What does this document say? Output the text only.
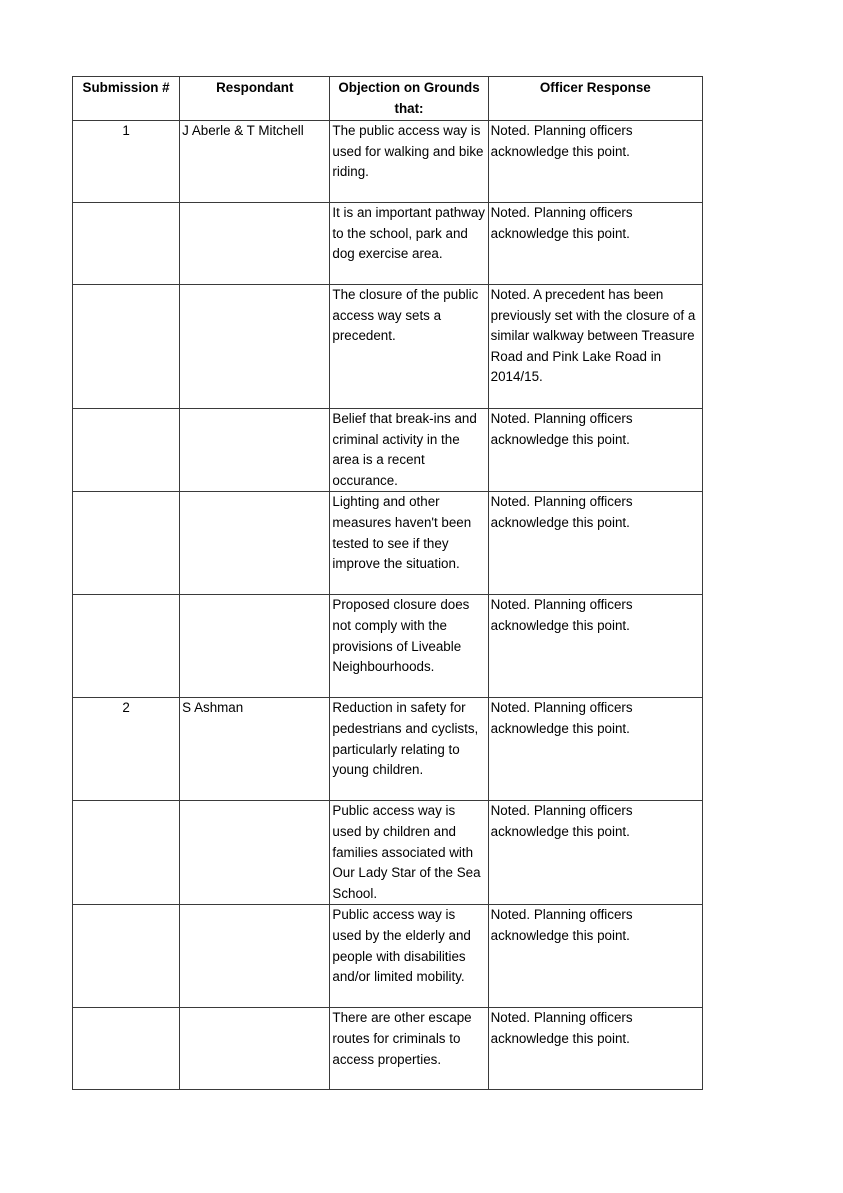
Submission #	Respondant	Objection on Grounds that:	Officer Response
1	J Aberle & T Mitchell	The public access way is used for walking and bike riding.	Noted. Planning officers acknowledge this point.
		It is an important pathway to the school, park and dog exercise area.	Noted. Planning officers acknowledge this point.
		The closure of the public access way sets a precedent.	Noted. A precedent has been previously set with the closure of a similar walkway between Treasure Road and Pink Lake Road in 2014/15.
		Belief that break-ins and criminal activity in the area is a recent occurance.	Noted. Planning officers acknowledge this point.
		Lighting and other measures haven't been tested to see if they improve the situation.	Noted. Planning officers acknowledge this point.
		Proposed closure does not comply with the provisions of Liveable Neighbourhoods.	Noted. Planning officers acknowledge this point.
2	S Ashman	Reduction in safety for pedestrians and cyclists, particularly relating to young children.	Noted. Planning officers acknowledge this point.
		Public access way is used by children and families associated with Our Lady Star of the Sea School.	Noted. Planning officers acknowledge this point.
		Public access way is used by the elderly and people with disabilities and/or limited mobility.	Noted. Planning officers acknowledge this point.
		There are other escape routes for criminals to access properties.	Noted. Planning officers acknowledge this point.
